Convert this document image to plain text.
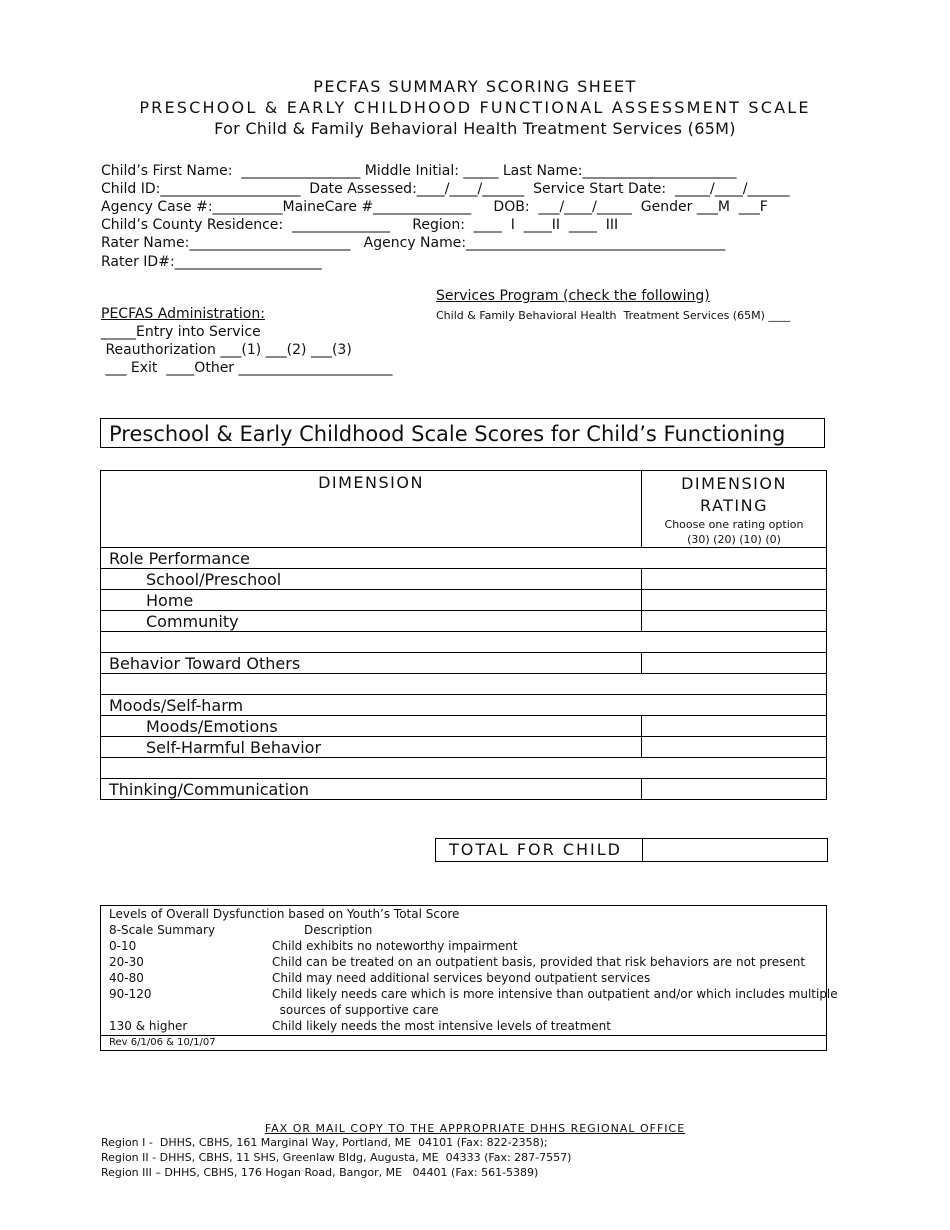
PECFAS SUMMARY SCORING SHEET
PRESCHOOL & EARLY CHILDHOOD FUNCTIONAL ASSESSMENT SCALE
For Child & Family Behavioral Health Treatment Services (65M)
Child’s First Name:  _________________ Middle Initial: _____ Last Name:______________________
Child ID:____________________  Date Assessed:____/____/______  Service Start Date:  _____/____/______
Agency Case #:__________MaineCare #______________     DOB:  ___/____/_____  Gender ___M  ___F
Child’s County Residence:  ______________     Region:  ____  I  ____II  ____  III
Rater Name:_______________________   Agency Name:_____________________________________
Rater ID#:_____________________
Services Program (check the following)
Child & Family Behavioral Health  Treatment Services (65M) ____
PECFAS Administration:
_____Entry into Service
Reauthorization ___(1) ___(2) ___(3)
___ Exit  ____Other ______________________
Preschool & Early Childhood Scale Scores for Child’s Functioning
DIMENSION	DIMENSION
RATING
Choose one rating option
(30) (20) (10) (0)

Role Performance	
School/Preschool	
Home	
Community	

Behavior Toward Others	

Moods/Self-harm	
Moods/Emotions	
Self-Harmful Behavior	

Thinking/Communication	

TOTAL FOR CHILD

Levels of Overall Dysfunction based on Youth’s Total Score

8-Scale Summary	Description

0-10	Child exhibits no noteworthy impairment

20-30	Child can be treated on an outpatient basis, provided that risk behaviors are not present

40-80	Child may need additional services beyond outpatient services

90-120	Child likely needs care which is more intensive than outpatient and/or which includes multiple

sources of supportive care

130 & higher	Child likely needs the most intensive levels of treatment

Rev 6/1/06 & 10/1/07

FAX OR MAIL COPY TO THE APPROPRIATE DHHS REGIONAL OFFICE
Region I -  DHHS, CBHS, 161 Marginal Way, Portland, ME  04101 (Fax: 822-2358);
Region II - DHHS, CBHS, 11 SHS, Greenlaw Bldg, Augusta, ME  04333 (Fax: 287-7557)
Region III – DHHS, CBHS, 176 Hogan Road, Bangor, ME   04401 (Fax: 561-5389)
